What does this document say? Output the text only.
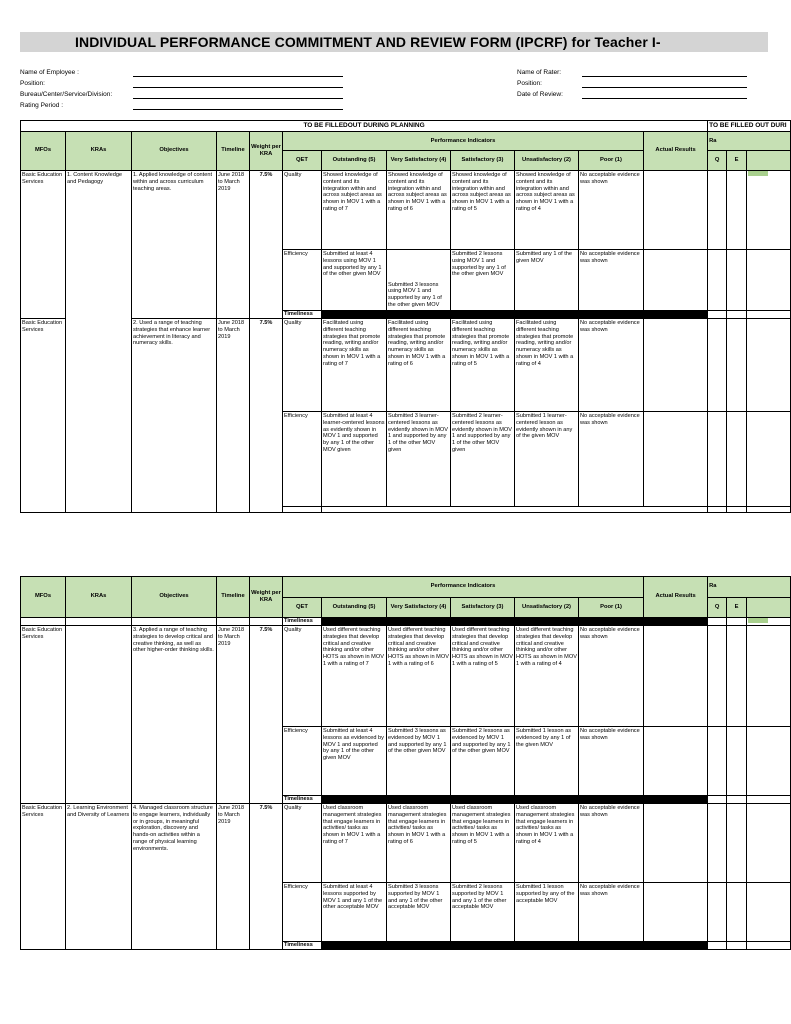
INDIVIDUAL PERFORMANCE COMMITMENT AND REVIEW FORM (IPCRF) for Teacher I-
Name of Employee :
Position:
Bureau/Center/Service/Division:
Rating Period :
Name of Rater:
Position:
Date of Review:
TO BE FILLEDOUT DURING PLANNING												TO BE FILLED OUT DURI		
MFOs	KRAs	Objectives	Timeline	Weight per KRA	Performance Indicators						Actual Results	Ra		
					QET	Outstanding (5)	Very Satisfactory (4)	Satisfactory (3)	Unsatisfactory (2)	Poor (1)		Q	E	
Basic Education Services	1. Content Knowledge and Pedagogy	1. Applied knowledge of content within and across curriculum teaching areas.	June 2018 to March 2019	7.5%	Quality	Showed knowledge of content and its integration within and across subject areas as shown in MOV 1 with a rating of 7	Showed knowledge of content and its integration within and across subject areas as shown in MOV 1 with a rating of 6	Showed knowledge of content and its integration within and across subject areas as shown in MOV 1 with a rating of 5	Showed knowledge of content and its integration within and across subject areas as shown in MOV 1 with a rating of 4	No acceptable evidence was shown				
					Efficiency	Submitted at least 4 lessons using MOV 1 and supported by any 1 of the other given MOV	Submitted 3 lessons using MOV 1 and supported by any 1 of the other given MOV	Submitted 2 lessons using MOV 1 and supported by any 1 of the other given MOV	Submitted any 1 of the given MOV	No acceptable evidence was shown				
					Timeliness									
Basic Education Services		2. Used a range of teaching strategies that enhance learner achievement in literacy and numeracy skills.	June 2018 to March 2019	7.5%	Quality	Facilitated using different teaching strategies that promote reading, writing and/or numeracy skills as shown in MOV 1 with a rating of 7	Facilitated using different teaching strategies that promote reading, writing and/or numeracy skills as shown in MOV 1 with a rating of 6	Facilitated using different teaching strategies that promote reading, writing and/or numeracy skills as shown in MOV 1 with a rating of 5	Facilitated using different teaching strategies that promote reading, writing and/or numeracy skills as shown in MOV 1 with a rating of 4	No acceptable evidence was shown				
					Efficiency	Submitted at least 4 learner-centered lessons as evidently shown in MOV 1 and supported by any 1 of the other MOV given	Submitted 3 learner-centered lessons as evidently shown in MOV 1 and supported by any 1 of the other MOV given	Submitted 2 learner-centered lessons as evidently shown in MOV 1 and supported by any 1 of the other MOV given	Submitted 1 learner-centered lesson as evidently shown in any of the given MOV	No acceptable evidence was shown				

MFOs	KRAs	Objectives	Timeline	Weight per KRA	Performance Indicators						Actual Results	Ra		
					QET	Outstanding (5)	Very Satisfactory (4)	Satisfactory (3)	Unsatisfactory (2)	Poor (1)		Q	E	
					Timeliness									
Basic Education Services		3. Applied a range of teaching strategies to develop critical and creative thinking, as well as other higher-order thinking skills.	June 2018 to March 2019	7.5%	Quality	Used different teaching strategies that develop critical and creative thinking and/or other HOTS as shown in MOV 1 with a rating of 7	Used different teaching strategies that develop critical and creative thinking and/or other HOTS as shown in MOV 1 with a rating of 6	Used different teaching strategies that develop critical and creative thinking and/or other HOTS as shown in MOV 1 with a rating of 5	Used different teaching strategies that develop critical and creative thinking and/or other HOTS as shown in MOV 1 with a rating of 4	No acceptable evidence was shown				
					Efficiency	Submitted at least 4 lessons as evidenced by MOV 1 and supported by any 1 of the other given MOV	Submitted 3 lessons as evidenced by MOV 1 and supported by any 1 of the other given MOV	Submitted 2 lessons as evidenced by MOV 1 and supported by any 1 of the other given MOV	Submitted 1 lesson as evidenced by any 1 of the given MOV	No acceptable evidence was shown				
					Timeliness									
Basic Education Services	2. Learning Environment and Diversity of Learners	4. Managed classroom structure to engage learners, individually or in groups, in meaningful exploration, discovery and hands-on activities within a range of physical learning environments.	June 2018 to March 2019	7.5%	Quality	Used classroom management strategies that engage learners in activities/ tasks as shown in MOV 1 with a rating of 7	Used classroom management strategies that engage learners in activities/ tasks as shown in MOV 1 with a rating of 6	Used classroom management strategies that engage learners in activities/ tasks as shown in MOV 1 with a rating of 5	Used classroom management strategies that engage learners in activities/ tasks as shown in MOV 1 with a rating of 4	No acceptable evidence was shown				
					Efficiency	Submitted at least 4 lessons supported by MOV 1 and any 1 of the other acceptable MOV	Submitted 3 lessons supported by MOV 1 and any 1 of the other acceptable MOV	Submitted 2 lessons supported by MOV 1 and any 1 of the other acceptable MOV	Submitted 1 lesson supported by any of the acceptable MOV	No acceptable evidence was shown				
					Timeliness									
